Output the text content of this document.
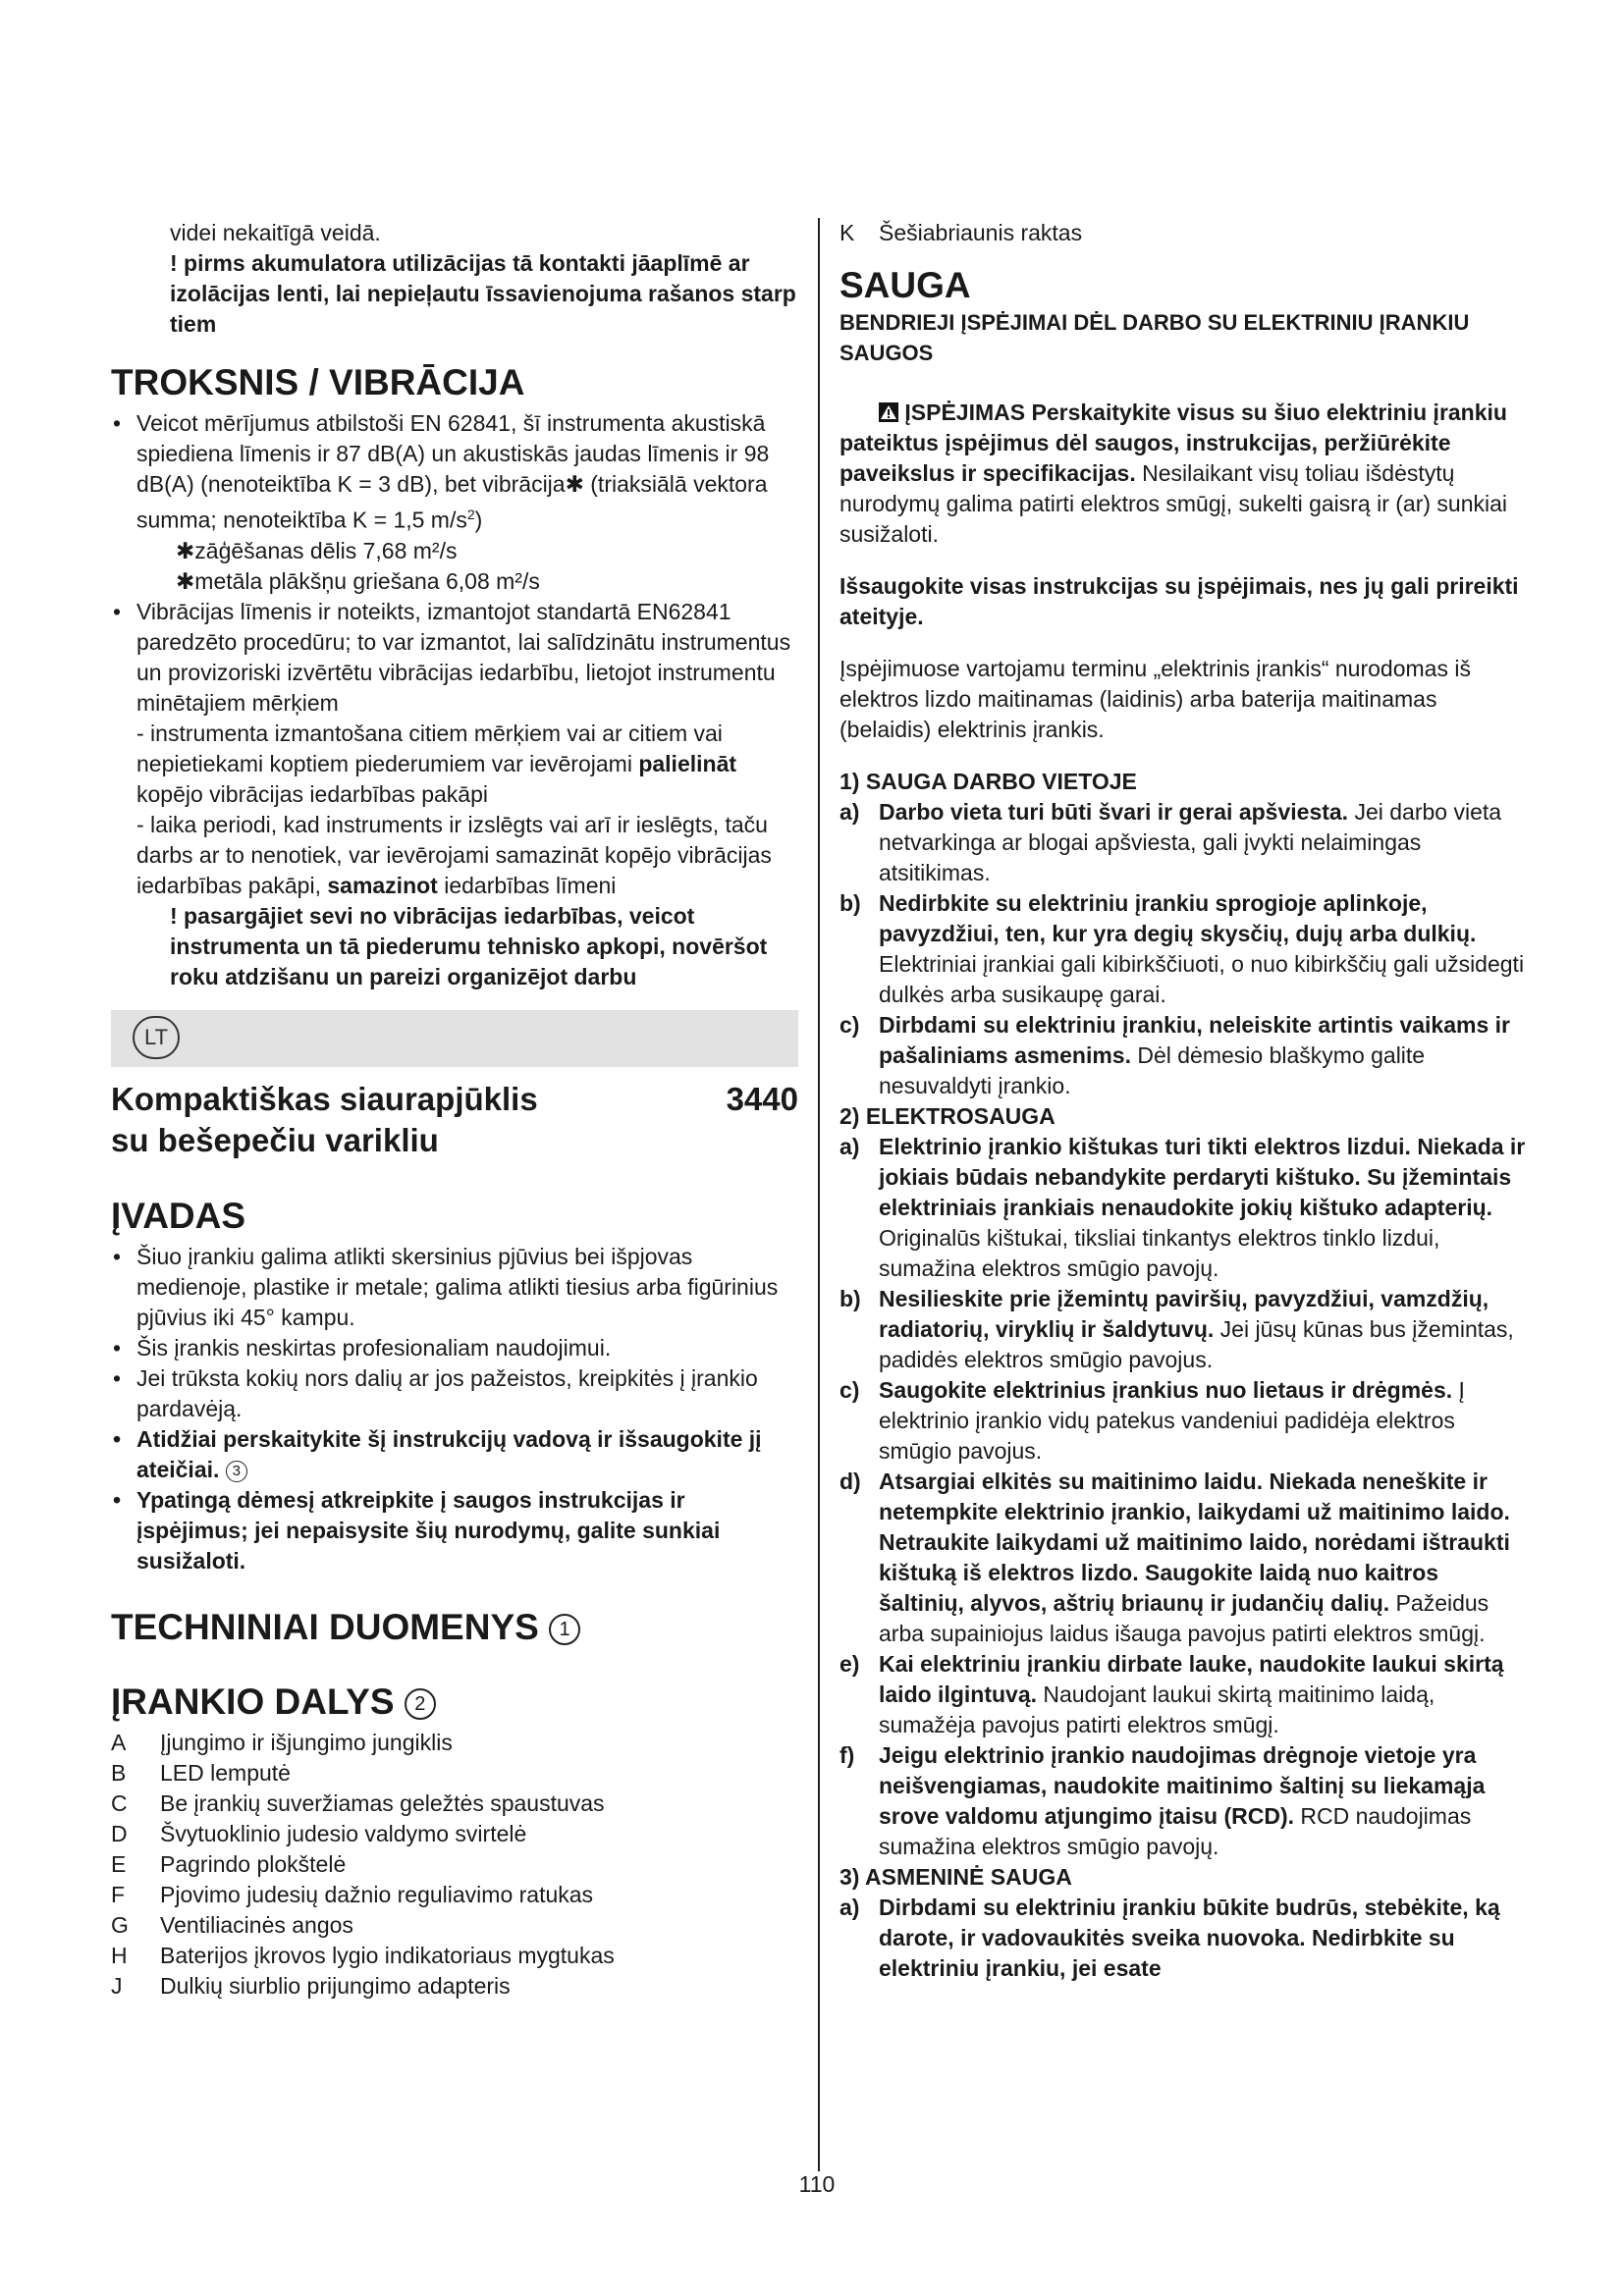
videi nekaitīgā veidā.

! pirms akumulatora utilizācijas tā kontakti jāaplīmē ar izolācijas lenti, lai nepieļautu īssavienojuma rašanos starp tiem

TROKSNIS / VIBRĀCIJA
• Veicot mērījumus atbilstoši EN 62841, šī instrumenta akustiskā spiediena līmenis ir 87 dB(A) un akustiskās jaudas līmenis ir 98 dB(A) (nenoteiktība K = 3 dB), bet vibrācija✱ (triaksiālā vektora summa; nenoteiktība K = 1,5 $m/s^2$)
✱zāģēšanas dēlis 7,68 m²/s
✱metāla plākšņu griešana 6,08 m²/s
• Vibrācijas līmenis ir noteikts, izmantojot standartā EN62841 paredzēto procedūru; to var izmantot, lai salīdzinātu instrumentus un provizoriski izvērtētu vibrācijas iedarbību, lietojot instrumentu minētajiem mērķiem
- instrumenta izmantošana citiem mērķiem vai ar citiem vai nepietiekami koptiem piederumiem var ievērojami palielināt kopējo vibrācijas iedarbības pakāpi
- laika periodi, kad instruments ir izslēgts vai arī ir ieslēgts, taču darbs ar to nenotiek, var ievērojami samazināt kopējo vibrācijas iedarbības pakāpi, samazinot iedarbības līmeni

! pasargājiet sevi no vibrācijas iedarbības, veicot instrumenta un tā piederumu tehnisko apkopi, novēršot roku atdzišanu un pareizi organizējot darbu

LT
Kompaktiškas siaurapjūklis
su bešepečiu varikliu
3440
ĮVADAS
• Šiuo įrankiu galima atlikti skersinius pjūvius bei išpjovas medienoje, plastike ir metale; galima atlikti tiesius arba figūrinius pjūvius iki 45° kampu.
• Šis įrankis neskirtas profesionaliam naudojimui.
• Jei trūksta kokių nors dalių ar jos pažeistos, kreipkitės į įrankio pardavėją.
• Atidžiai perskaitykite šį instrukcijų vadovą ir išsaugokite jį ateičiai. 3
• Ypatingą dėmesį atkreipkite į saugos instrukcijas ir įspėjimus; jei nepaisysite šių nurodymų, galite sunkiai susižaloti.
TECHNINIAI DUOMENYS 1
ĮRANKIO DALYS 2
A	Įjungimo ir išjungimo jungiklis
B	LED lemputė
C	Be įrankių suveržiamas geležtės spaustuvas
D	Švytuoklinio judesio valdymo svirtelė
E	Pagrindo plokštelė
F	Pjovimo judesių dažnio reguliavimo ratukas
G	Ventiliacinės angos
H	Baterijos įkrovos lygio indikatoriaus mygtukas
J	Dulkių siurblio prijungimo adapteris
K	Šešiabriaunis raktas
SAUGA

BENDRIEJI ĮSPĖJIMAI DĖL DARBO SU ELEKTRINIU ĮRANKIU SAUGOS

ĮSPĖJIMAS Perskaitykite visus su šiuo elektriniu įrankiu pateiktus įspėjimus dėl saugos, instrukcijas, peržiūrėkite paveikslus ir specifikacijas. Nesilaikant visų toliau išdėstytų nurodymų galima patirti elektros smūgį, sukelti gaisrą ir (ar) sunkiai susižaloti.

Išsaugokite visas instrukcijas su įspėjimais, nes jų gali prireikti ateityje.

Įspėjimuose vartojamu terminu „elektrinis įrankis“ nurodomas iš elektros lizdo maitinamas (laidinis) arba baterija maitinamas (belaidis) elektrinis įrankis.

1) SAUGA DARBO VIETOJE

a) Darbo vieta turi būti švari ir gerai apšviesta. Jei darbo vieta netvarkinga ar blogai apšviesta, gali įvykti nelaimingas atsitikimas.
b) Nedirbkite su elektriniu įrankiu sprogioje aplinkoje, pavyzdžiui, ten, kur yra degių skysčių, dujų arba dulkių. Elektriniai įrankiai gali kibirkščiuoti, o nuo kibirkščių gali užsidegti dulkės arba susikaupę garai.
c) Dirbdami su elektriniu įrankiu, neleiskite artintis vaikams ir pašaliniams asmenims. Dėl dėmesio blaškymo galite nesuvaldyti įrankio.

2) ELEKTROSAUGA

a) Elektrinio įrankio kištukas turi tikti elektros lizdui. Niekada ir jokiais būdais nebandykite perdaryti kištuko. Su įžemintais elektriniais įrankiais nenaudokite jokių kištuko adapterių. Originalūs kištukai, tiksliai tinkantys elektros tinklo lizdui, sumažina elektros smūgio pavojų.
b) Nesilieskite prie įžemintų paviršių, pavyzdžiui, vamzdžių, radiatorių, viryklių ir šaldytuvų. Jei jūsų kūnas bus įžemintas, padidės elektros smūgio pavojus.
c) Saugokite elektrinius įrankius nuo lietaus ir drėgmės. Į elektrinio įrankio vidų patekus vandeniui padidėja elektros smūgio pavojus.
d) Atsargiai elkitės su maitinimo laidu. Niekada neneškite ir netempkite elektrinio įrankio, laikydami už maitinimo laido. Netraukite laikydami už maitinimo laido, norėdami ištraukti kištuką iš elektros lizdo. Saugokite laidą nuo kaitros šaltinių, alyvos, aštrių briaunų ir judančių dalių. Pažeidus arba supainiojus laidus išauga pavojus patirti elektros smūgį.
e) Kai elektriniu įrankiu dirbate lauke, naudokite laukui skirtą laido ilgintuvą. Naudojant laukui skirtą maitinimo laidą, sumažėja pavojus patirti elektros smūgį.
f) Jeigu elektrinio įrankio naudojimas drėgnoje vietoje yra neišvengiamas, naudokite maitinimo šaltinį su liekamąja srove valdomu atjungimo įtaisu (RCD). RCD naudojimas sumažina elektros smūgio pavojų.

3) ASMENINĖ SAUGA

a) Dirbdami su elektriniu įrankiu būkite budrūs, stebėkite, ką darote, ir vadovaukitės sveika nuovoka. Nedirbkite su elektriniu įrankiu, jei esate
110
